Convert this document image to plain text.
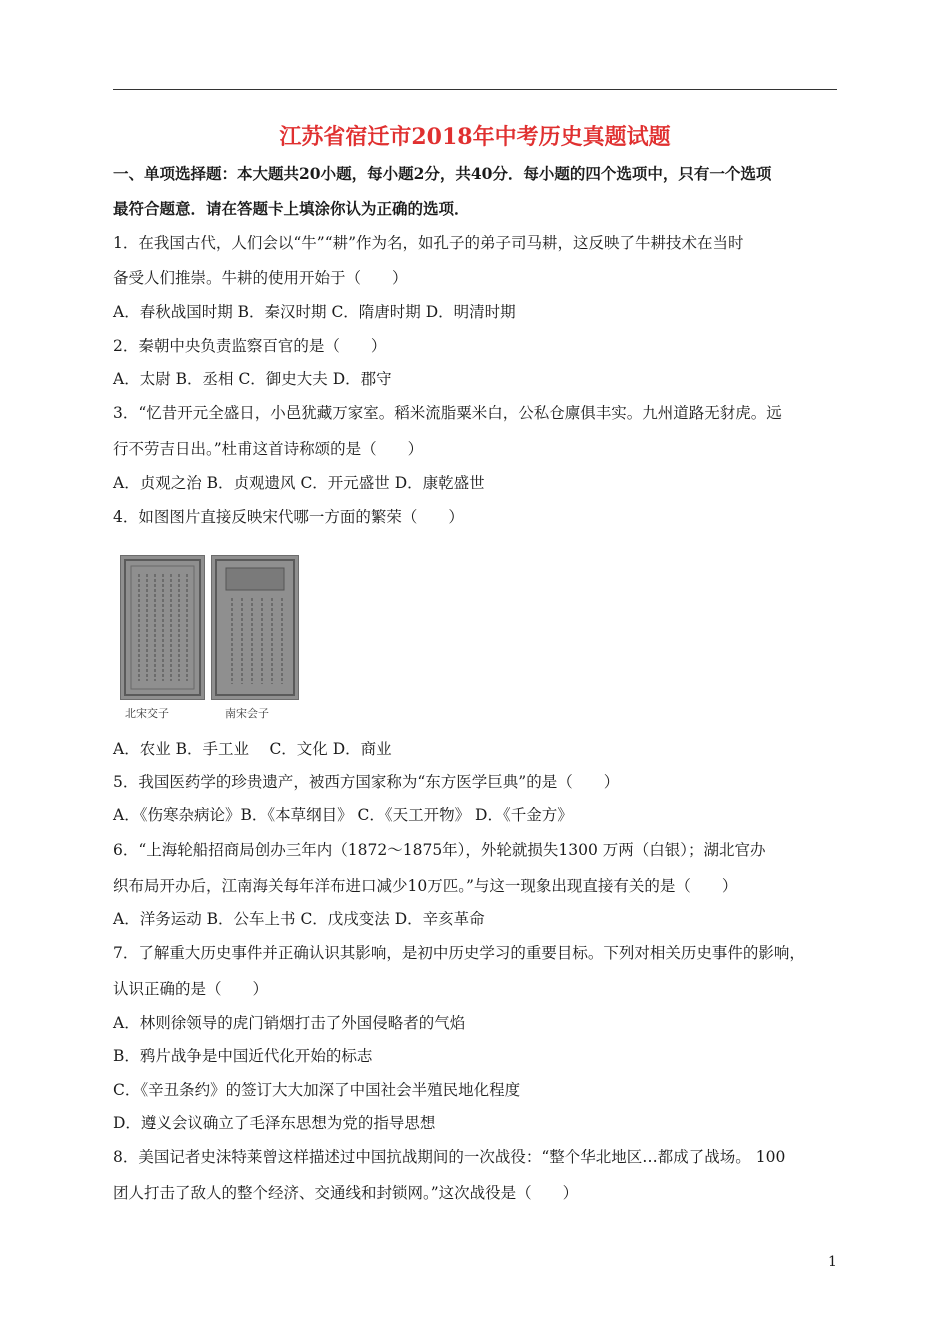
江苏省宿迁市2018年中考历史真题试题
一、单项选择题：本大题共20小题，每小题2分，共40分．每小题的四个选项中，只有一个选项
最符合题意．请在答题卡上填涂你认为正确的选项．
1．在我国古代，人们会以“牛”“耕”作为名，如孔子的弟子司马耕，这反映了牛耕技术在当时
备受人们推崇。牛耕的使用开始于（　　）
A．春秋战国时期 B．秦汉时期 C．隋唐时期 D．明清时期
2．秦朝中央负责监察百官的是（　　）
A．太尉 B．丞相 C．御史大夫 D．郡守
3．“忆昔开元全盛日，小邑犹藏万家室。稻米流脂粟米白，公私仓廪俱丰实。九州道路无豺虎。远
行不劳吉日出。”杜甫这首诗称颂的是（　　）
A．贞观之治 B．贞观遗风 C．开元盛世 D．康乾盛世
4．如图图片直接反映宋代哪一方面的繁荣（　　）
北宋交子	南宋会子
A．农业 B．手工业　 C．文化 D．商业
5．我国医药学的珍贵遗产，被西方国家称为“东方医学巨典”的是（　　）
A．《伤寒杂病论》B．《本草纲目》 C．《天工开物》 D．《千金方》
6．“上海轮船招商局创办三年内（1872～1875年），外轮就损失1300 万两（白银）；湖北官办
织布局开办后，江南海关每年洋布进口减少10万匹。”与这一现象出现直接有关的是（　　）
A．洋务运动 B．公车上书 C．戊戌变法 D．辛亥革命
7．了解重大历史事件并正确认识其影响，是初中历史学习的重要目标。下列对相关历史事件的影响，
认识正确的是（　　）
A．林则徐领导的虎门销烟打击了外国侵略者的气焰
B．鸦片战争是中国近代化开始的标志
C．《辛丑条约》的签订大大加深了中国社会半殖民地化程度
D．遵义会议确立了毛泽东思想为党的指导思想
8．美国记者史沫特莱曾这样描述过中国抗战期间的一次战役：“整个华北地区…都成了战场。 100
团人打击了敌人的整个经济、交通线和封锁网。”这次战役是（　　）
1
